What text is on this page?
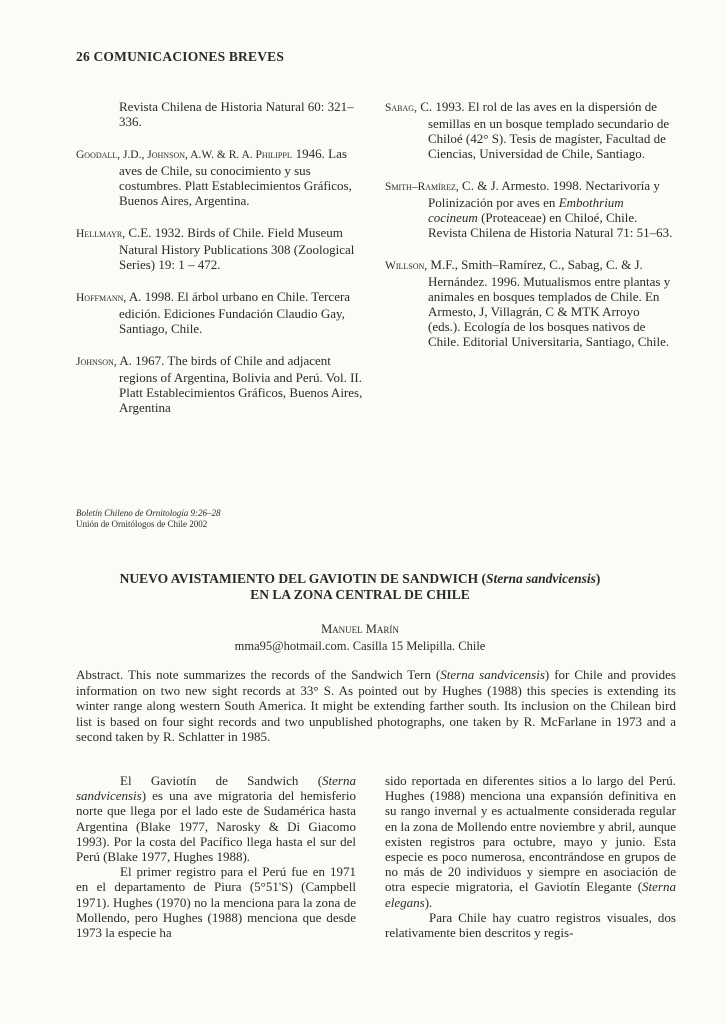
26 COMUNICACIONES BREVES

Revista Chilena de Historia Natural 60: 321–336.

Goodall, J.D., Johnson, A.W. & R. A. Philippi. 1946. Las aves de Chile, su conocimiento y sus costumbres. Platt Establecimientos Gráficos, Buenos Aires, Argentina.

Hellmayr, C.E. 1932. Birds of Chile. Field Museum Natural History Publications 308 (Zoological Series) 19: 1 – 472.

Hoffmann, A. 1998. El árbol urbano en Chile. Tercera edición. Ediciones Fundación Claudio Gay, Santiago, Chile.

Johnson, A. 1967. The birds of Chile and adjacent regions of Argentina, Bolivia and Perú. Vol. II. Platt Establecimientos Gráficos, Buenos Aires, Argentina

Sabag, C. 1993. El rol de las aves en la dispersión de semillas en un bosque templado secundario de Chiloé (42° S). Tesis de magíster, Facultad de Ciencias, Universidad de Chile, Santiago.

Smith–Ramírez, C. & J. Armesto. 1998. Nectarivoría y Polinización por aves en Embothrium cocineum (Proteaceae) en Chiloé, Chile. Revista Chilena de Historia Natural 71: 51–63.

Willson, M.F., Smith–Ramírez, C., Sabag, C. & J. Hernández. 1996. Mutualismos entre plantas y animales en bosques templados de Chile. En Armesto, J, Villagrán, C & MTK Arroyo (eds.). Ecología de los bosques nativos de Chile. Editorial Universitaria, Santiago, Chile.

Boletín Chileno de Ornitología 9:26–28
Unión de Ornitólogos de Chile 2002
NUEVO AVISTAMIENTO DEL GAVIOTIN DE SANDWICH (Sterna sandvicensis)
EN LA ZONA CENTRAL DE CHILE
Manuel Marín
mma95@hotmail.com. Casilla 15 Melipilla. Chile
Abstract. This note summarizes the records of the Sandwich Tern (Sterna sandvicensis) for Chile and provides information on two new sight records at 33° S. As pointed out by Hughes (1988) this species is extending its winter range along western South America. It might be extending farther south. Its inclusion on the Chilean bird list is based on four sight records and two unpublished photographs, one taken by R. McFarlane in 1973 and a second taken by R. Schlatter in 1985.

El Gaviotín de Sandwich (Sterna sandvicensis) es una ave migratoria del hemisferio norte que llega por el lado este de Sudamérica hasta Argentina (Blake 1977, Narosky & Di Giacomo 1993). Por la costa del Pacífico llega hasta el sur del Perú (Blake 1977, Hughes 1988).

El primer registro para el Perú fue en 1971 en el departamento de Piura (5°51'S) (Campbell 1971). Hughes (1970) no la menciona para la zona de Mollendo, pero Hughes (1988) menciona que desde 1973 la especie ha

sido reportada en diferentes sitios a lo largo del Perú. Hughes (1988) menciona una expansión definitiva en su rango invernal y es actualmente considerada regular en la zona de Mollendo entre noviembre y abril, aunque existen registros para octubre, mayo y junio. Esta especie es poco numerosa, encontrándose en grupos de no más de 20 individuos y siempre en asociación de otra especie migratoria, el Gaviotín Elegante (Sterna elegans).

Para Chile hay cuatro registros visuales, dos relativamente bien descritos y regis-
